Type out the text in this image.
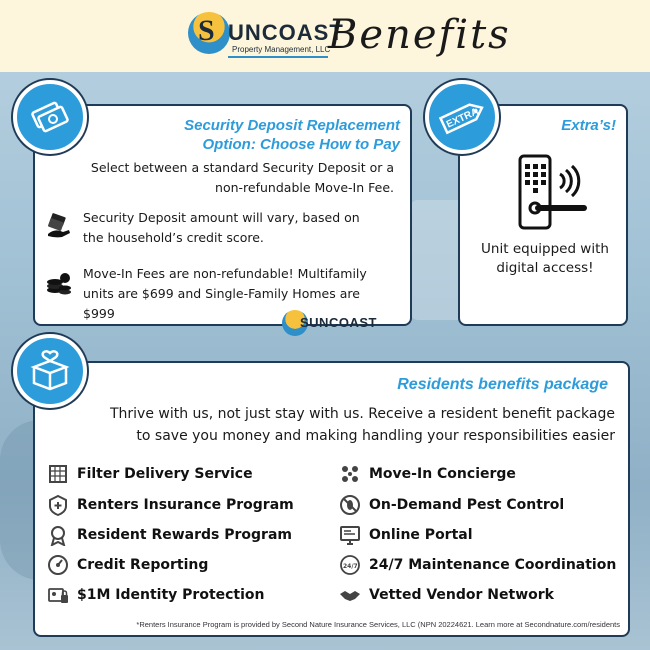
S UNCOAST
Property Management, LLC
Benefits
Security Deposit Replacement Option: Choose How to Pay
Select between a standard Security Deposit or a non-refundable Move-In Fee.
Security Deposit amount will vary, based on the household’s credit score.
Move-In Fees are non-refundable! Multifamily units are $699 and Single-Family Homes are $999
Extra’s!
Unit equipped with digital access!
EXTRA
SUNCOAST
Residents benefits package
Thrive with us, not just stay with us. Receive a resident benefit package to save you money and making handling your responsibilities easier
Filter Delivery Service
Renters Insurance Program
Resident Rewards Program
Credit Reporting
$1M Identity Protection
Move-In Concierge
On-Demand Pest Control
Online Portal
24/7 24/7 Maintenance Coordination
Vetted Vendor Network
*Renters Insurance Program is provided by Second Nature Insurance Services, LLC (NPN 20224621. Learn more at Secondnature.com/residents
